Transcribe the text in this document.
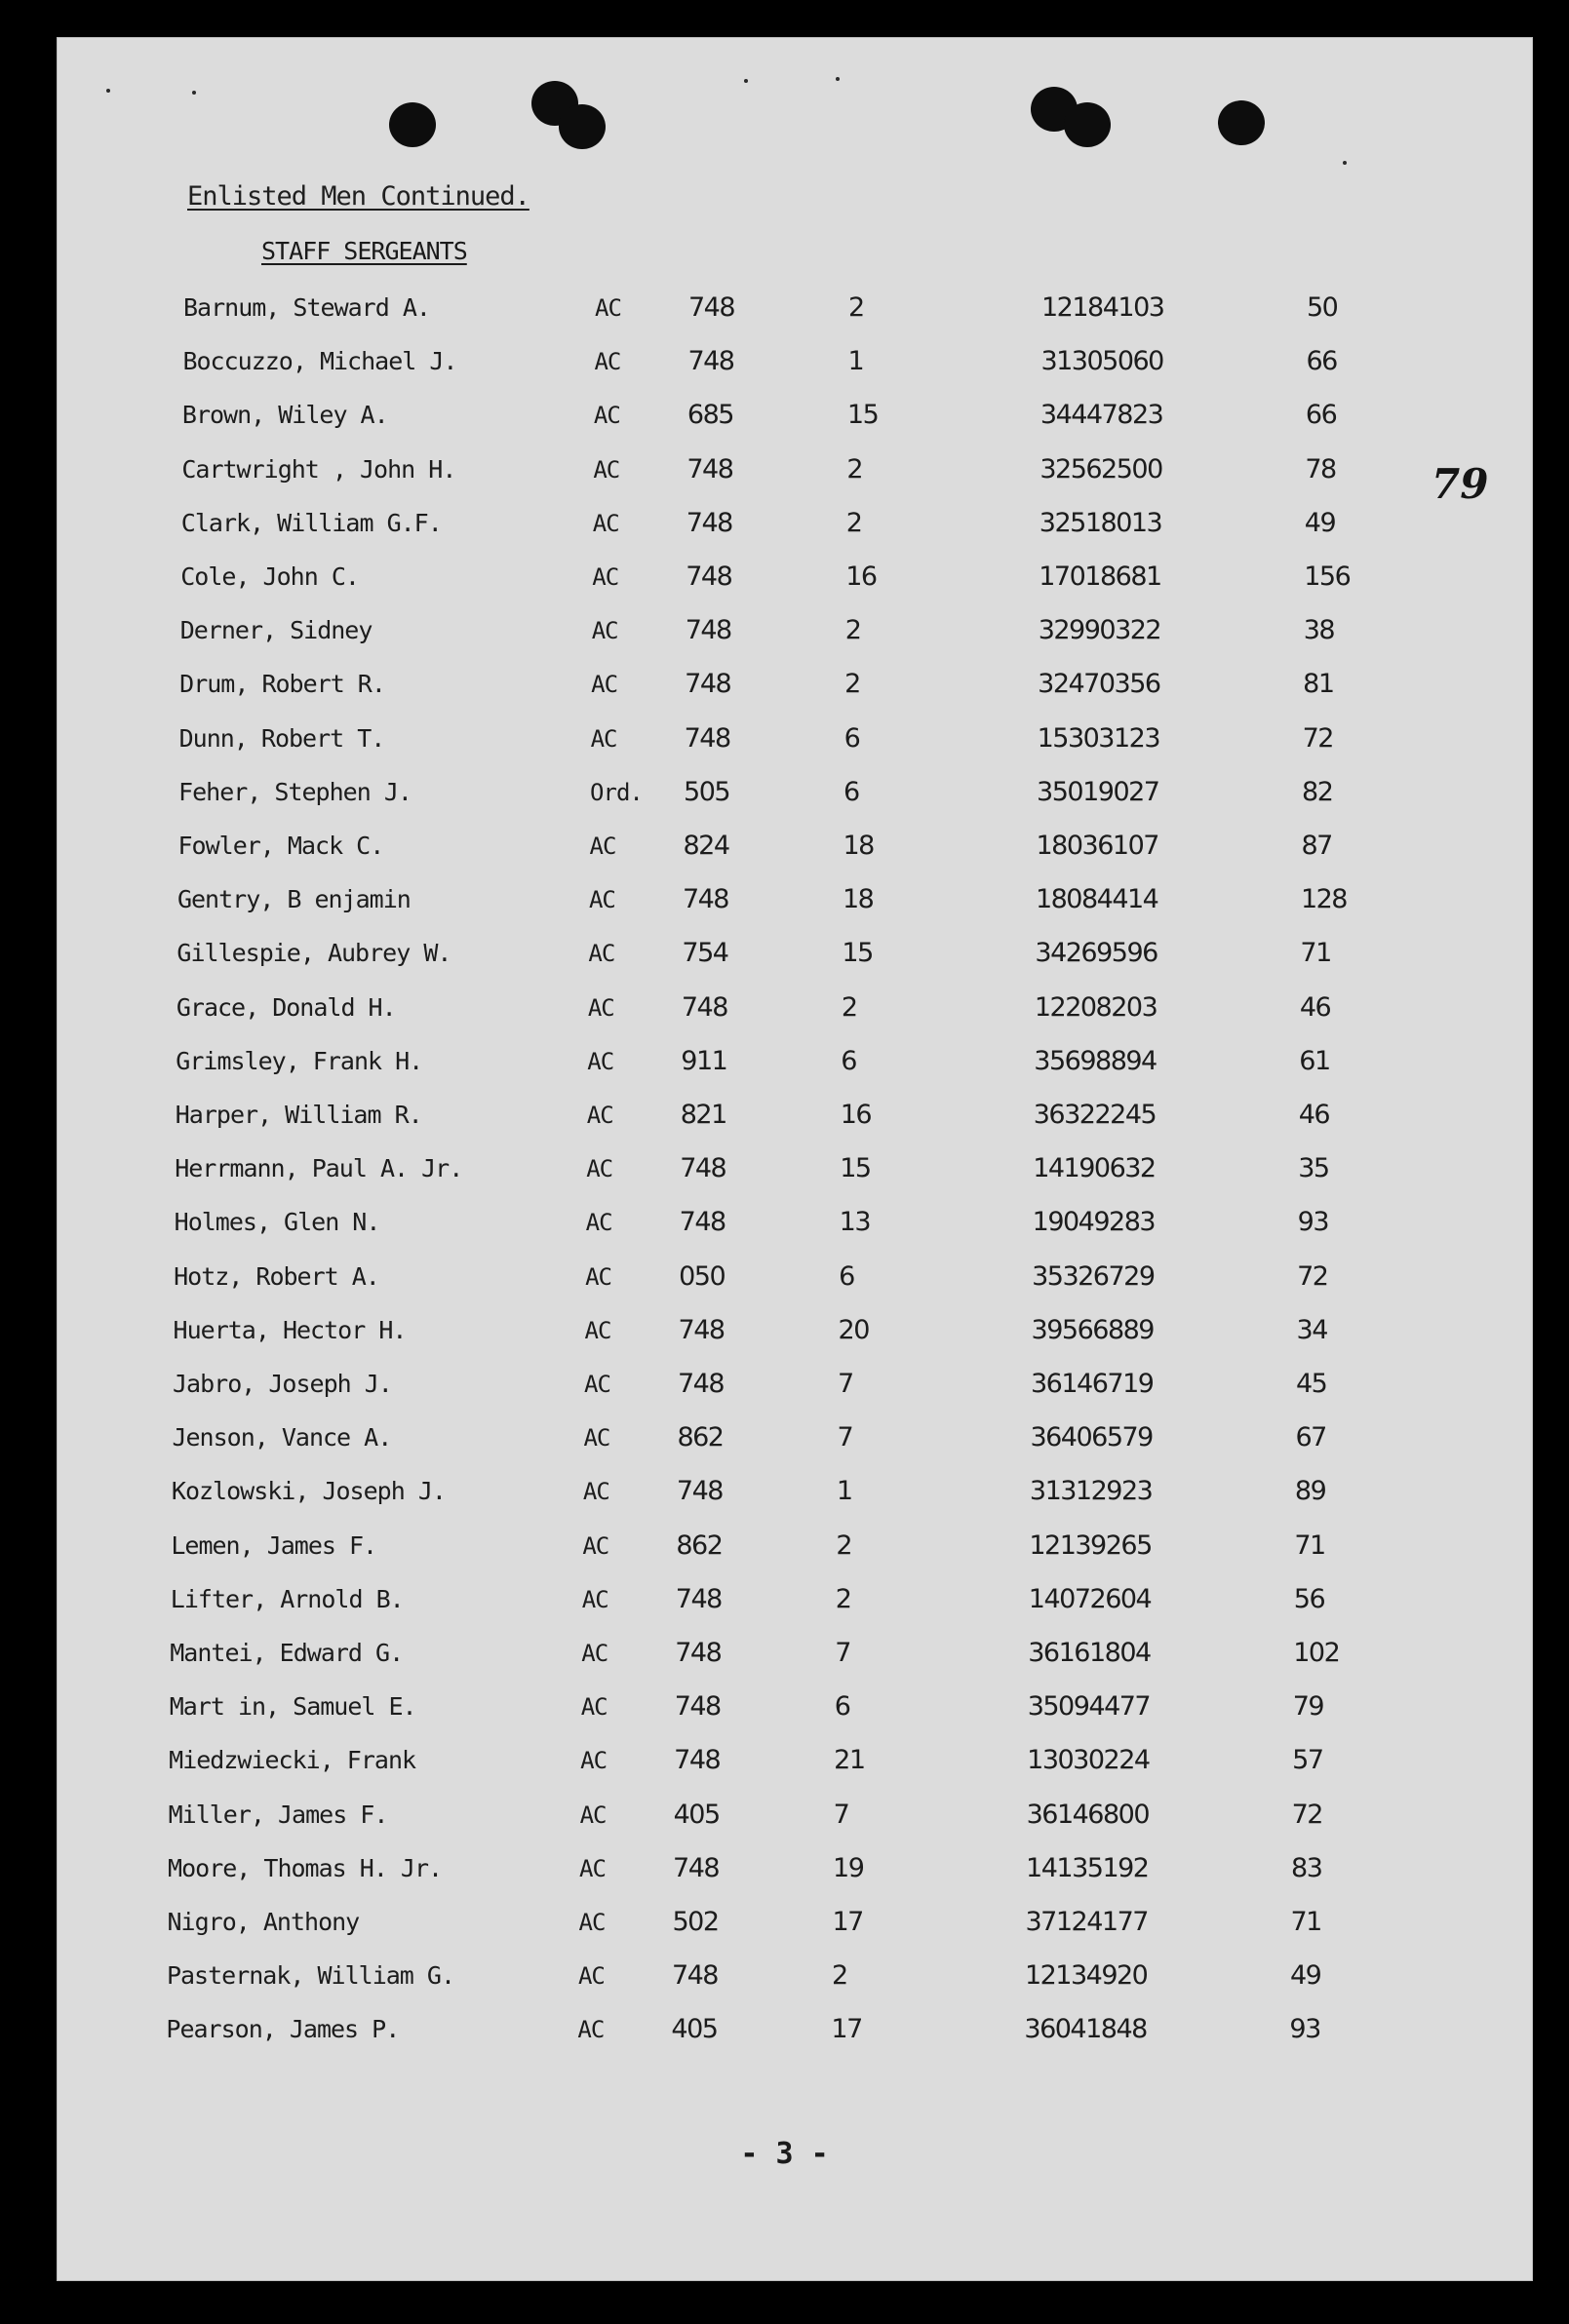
Enlisted Men Continued.
STAFF SERGEANTS
79
Barnum, Steward A.	AC	748	2	12184103	50
Boccuzzo, Michael J.	AC	748	1	31305060	66
Brown, Wiley A.	AC	685	15	34447823	66
Cartwright , John H.	AC	748	2	32562500	78
Clark, William G.F.	AC	748	2	32518013	49
Cole, John C.	AC	748	16	17018681	156
Derner, Sidney	AC	748	2	32990322	38
Drum, Robert R.	AC	748	2	32470356	81
Dunn, Robert T.	AC	748	6	15303123	72
Feher, Stephen J.	Ord. 505	6	35019027	82
Fowler, Mack C.	AC	824	18	18036107	87
Gentry, B enjamin	AC	748	18	18084414	128
Gillespie, Aubrey W.	AC	754	15	34269596	71
Grace, Donald H.	AC	748	2	12208203	46
Grimsley, Frank H.	AC	911	6	35698894	61
Harper, William R.	AC	821	16	36322245	46
Herrmann, Paul A. Jr.	AC	748	15	14190632	35
Holmes, Glen N.	AC	748	13	19049283	93
Hotz, Robert A.	AC	050	6	35326729	72
Huerta, Hector H.	AC	748	20	39566889	34
Jabro, Joseph J.	AC	748	7	36146719	45
Jenson, Vance A.	AC	862	7	36406579	67
Kozlowski, Joseph J.	AC	748	1	31312923	89
Lemen, James F.	AC	862	2	12139265	71
Lifter, Arnold B.	AC	748	2	14072604	56
Mantei, Edward G.	AC	748	7	36161804	102
Mart in, Samuel E.	AC	748	6	35094477	79
Miedzwiecki, Frank	AC	748	21	13030224	57
Miller, James F.	AC	405	7	36146800	72
Moore, Thomas H. Jr.	AC	748	19	14135192	83
Nigro, Anthony	AC	502	17	37124177	71
Pasternak, William G.	AC	748	2	12134920	49
Pearson, James P.	AC	405	17	36041848	93
- 3 -
